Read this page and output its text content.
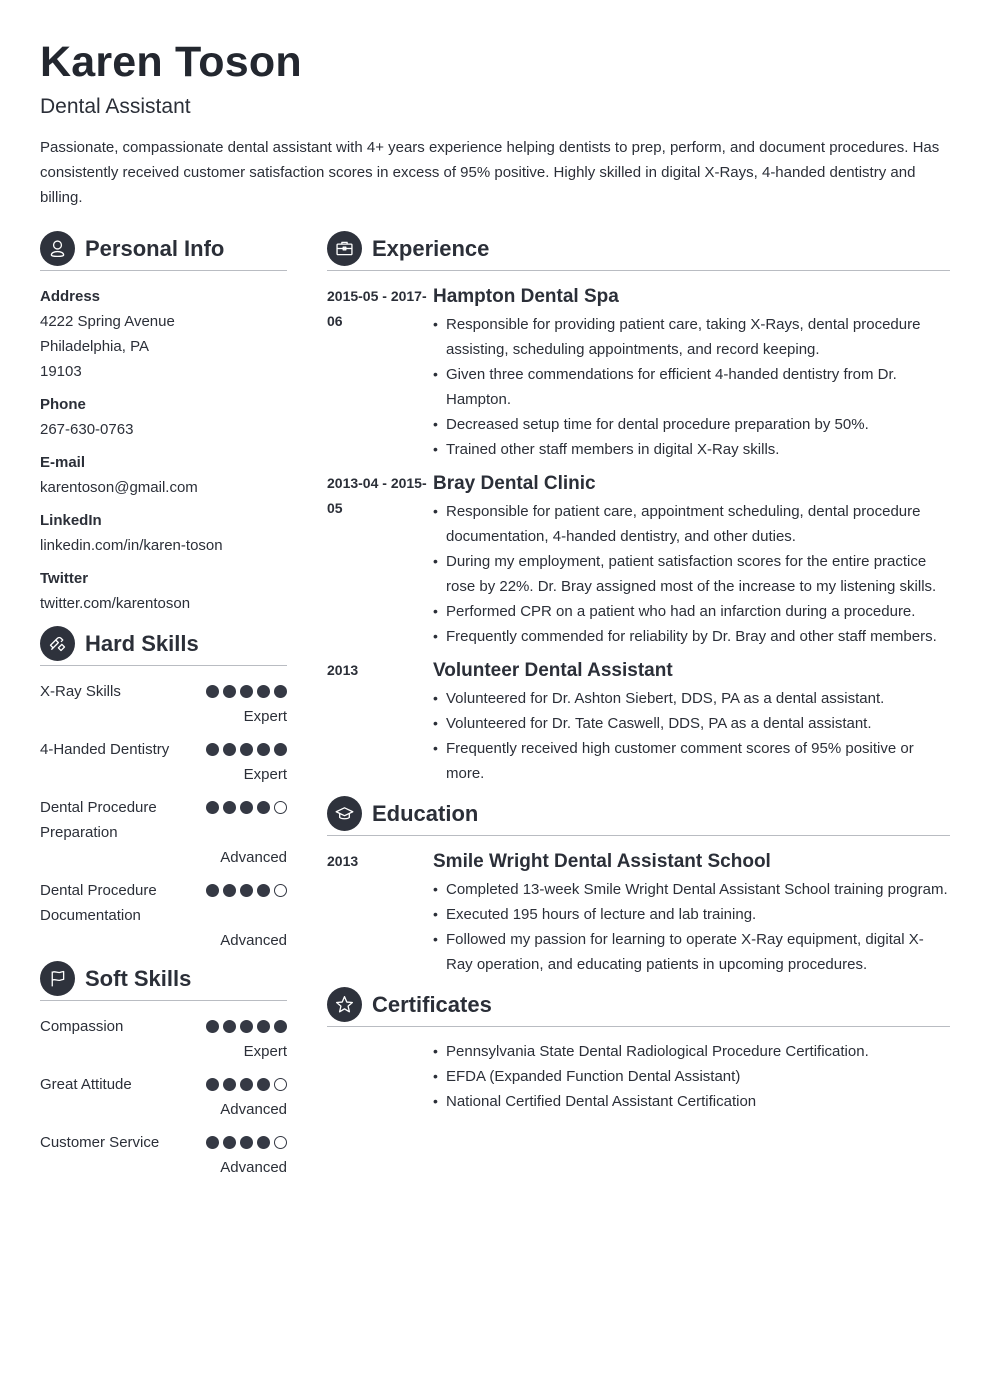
Karen Toson
Dental Assistant

Passionate, compassionate dental assistant with 4+ years experience helping dentists to prep, perform, and document procedures. Has consistently received customer satisfaction scores in excess of 95% positive. Highly skilled in digital X-Rays, 4-handed dentistry and billing.

Personal Info
Address
4222 Spring Avenue
Philadelphia, PA
19103
Phone
267-630-0763
E-mail
karentoson@gmail.com
LinkedIn
linkedin.com/in/karen-toson
Twitter
twitter.com/karentoson
Hard Skills
X-Ray Skills
Expert
4-Handed Dentistry
Expert
Dental Procedure Preparation
Advanced
Dental Procedure Documentation
Advanced
Soft Skills
Compassion
Expert
Great Attitude
Advanced
Customer Service
Advanced
Experience
2015-05 - 2017-06
Hampton Dental Spa
• Responsible for providing patient care, taking X-Rays, dental procedure assisting, scheduling appointments, and record keeping.
• Given three commendations for efficient 4-handed dentistry from Dr. Hampton.
• Decreased setup time for dental procedure preparation by 50%.
• Trained other staff members in digital X-Ray skills.
2013-04 - 2015-05
Bray Dental Clinic
• Responsible for patient care, appointment scheduling, dental procedure documentation, 4-handed dentistry, and other duties.
• During my employment, patient satisfaction scores for the entire practice rose by 22%. Dr. Bray assigned most of the increase to my listening skills.
• Performed CPR on a patient who had an infarction during a procedure.
• Frequently commended for reliability by Dr. Bray and other staff members.
2013	Volunteer Dental Assistant
• Volunteered for Dr. Ashton Siebert, DDS, PA as a dental assistant.
• Volunteered for Dr. Tate Caswell, DDS, PA as a dental assistant.
• Frequently received high customer comment scores of 95% positive or more.
Education
2013	Smile Wright Dental Assistant School
• Completed 13-week Smile Wright Dental Assistant School training program.
• Executed 195 hours of lecture and lab training.
• Followed my passion for learning to operate X-Ray equipment, digital X-Ray operation, and educating patients in upcoming procedures.
Certificates
• Pennsylvania State Dental Radiological Procedure Certification.
• EFDA (Expanded Function Dental Assistant)
• National Certified Dental Assistant Certification
